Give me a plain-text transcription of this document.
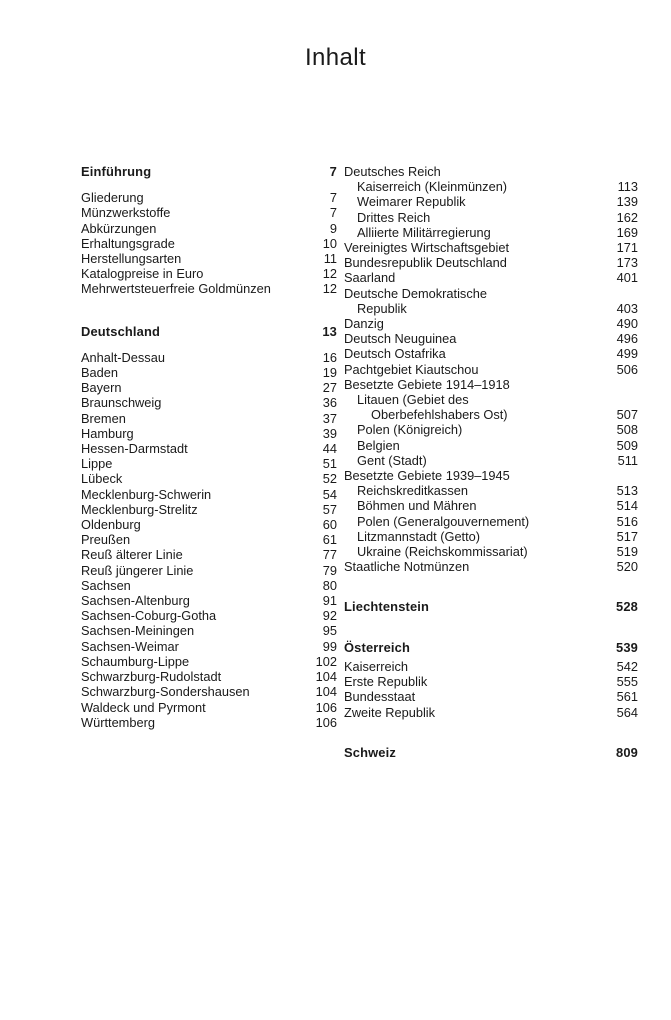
Inhalt
Einführung	7
Gliederung	7
Münzwerkstoffe	7
Abkürzungen	9
Erhaltungsgrade	10
Herstellungsarten	11
Katalogpreise in Euro	12
Mehrwertsteuerfreie Goldmünzen	12
Deutschland	13
Anhalt-Dessau	16
Baden	19
Bayern	27
Braunschweig	36
Bremen	37
Hamburg	39
Hessen-Darmstadt	44
Lippe	51
Lübeck	52
Mecklenburg-Schwerin	54
Mecklenburg-Strelitz	57
Oldenburg	60
Preußen	61
Reuß älterer Linie	77
Reuß jüngerer Linie	79
Sachsen	80
Sachsen-Altenburg	91
Sachsen-Coburg-Gotha	92
Sachsen-Meiningen	95
Sachsen-Weimar	99
Schaumburg-Lippe	102
Schwarzburg-Rudolstadt	104
Schwarzburg-Sondershausen	104
Waldeck und Pyrmont	106
Württemberg	106
Deutsches Reich
Kaiserreich (Kleinmünzen)	113
Weimarer Republik	139
Drittes Reich	162
Alliierte Militärregierung	169
Vereinigtes Wirtschaftsgebiet	171
Bundesrepublik Deutschland	173
Saarland	401
Deutsche Demokratische
Republik	403
Danzig	490
Deutsch Neuguinea	496
Deutsch Ostafrika	499
Pachtgebiet Kiautschou	506
Besetzte Gebiete 1914–1918
Litauen (Gebiet des
Oberbefehlshabers Ost)	507
Polen (Königreich)	508
Belgien	509
Gent (Stadt)	511
Besetzte Gebiete 1939–1945
Reichskreditkassen	513
Böhmen und Mähren	514
Polen (Generalgouvernement)	516
Litzmannstadt (Getto)	517
Ukraine (Reichskommissariat)	519
Staatliche Notmünzen	520
Liechtenstein	528
Österreich	539
Kaiserreich	542
Erste Republik	555
Bundesstaat	561
Zweite Republik	564
Schweiz	809
